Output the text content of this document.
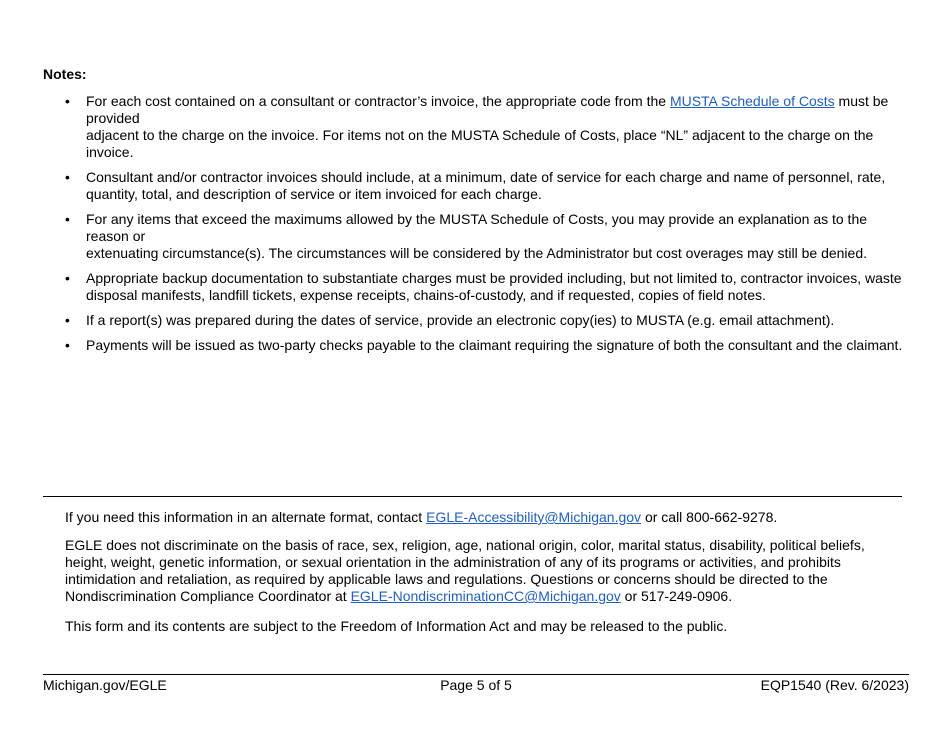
Notes:
• For each cost contained on a consultant or contractor’s invoice, the appropriate code from the MUSTA Schedule of Costs must be provided
adjacent to the charge on the invoice. For items not on the MUSTA Schedule of Costs, place “NL” adjacent to the charge on the invoice.
• Consultant and/or contractor invoices should include, at a minimum, date of service for each charge and name of personnel, rate, quantity, total, and description of service or item invoiced for each charge.
• For any items that exceed the maximums allowed by the MUSTA Schedule of Costs, you may provide an explanation as to the reason or
extenuating circumstance(s). The circumstances will be considered by the Administrator but cost overages may still be denied.
• Appropriate backup documentation to substantiate charges must be provided including, but not limited to, contractor invoices, waste disposal manifests, landfill tickets, expense receipts, chains-of-custody, and if requested, copies of field notes.
• If a report(s) was prepared during the dates of service, provide an electronic copy(ies) to MUSTA (e.g. email attachment).
• Payments will be issued as two-party checks payable to the claimant requiring the signature of both the consultant and the claimant.
If you need this information in an alternate format, contact EGLE-Accessibility@Michigan.gov or call 800-662-9278.
EGLE does not discriminate on the basis of race, sex, religion, age, national origin, color, marital status, disability, political beliefs, height, weight, genetic information, or sexual orientation in the administration of any of its programs or activities, and prohibits intimidation and retaliation, as required by applicable laws and regulations. Questions or concerns should be directed to the Nondiscrimination Compliance Coordinator at EGLE-NondiscriminationCC@Michigan.gov or 517-249-0906.
This form and its contents are subject to the Freedom of Information Act and may be released to the public.
Michigan.gov/EGLE	Page 5 of 5	EQP1540 (Rev. 6/2023)
